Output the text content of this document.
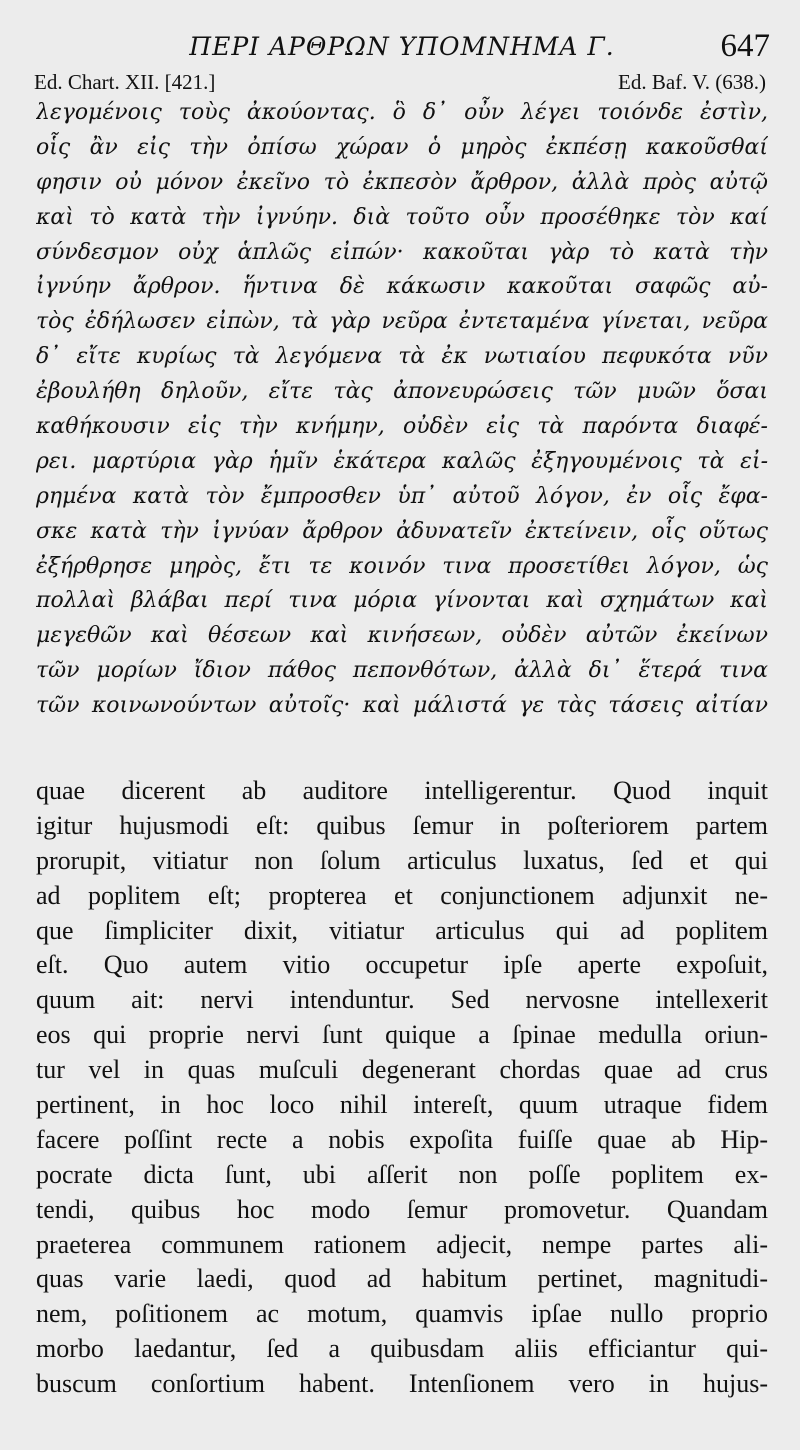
ΠΕΡΙ ΑΡΘΡΩΝ ΥΠΟΜΝΗΜΑ Γ.	647
Ed. Chart. XII. [421.]	Ed. Baf. V. (638.)
λεγομένοις τοὺς ἀκούοντας. ὃ δ᾽ οὖν λέγει τοιόνδε ἐστὶν,
οἷς ἂν εἰς τὴν ὀπίσω χώραν ὁ μηρὸς ἐκπέσῃ κακοῦσθαί
φησιν οὐ μόνον ἐκεῖνο τὸ ἐκπεσὸν ἄρθρον, ἀλλὰ πρὸς αὐτῷ
καὶ τὸ κατὰ τὴν ἰγνύην. διὰ τοῦτο οὖν προσέθηκε τὸν καί
σύνδεσμον οὐχ ἁπλῶς εἰπών· κακοῦται γὰρ τὸ κατὰ τὴν
ἰγνύην ἄρθρον. ἥντινα δὲ κάκωσιν κακοῦται σαφῶς αὐ-
τὸς ἐδήλωσεν εἰπὼν, τὰ γὰρ νεῦρα ἐντεταμένα γίνεται, νεῦρα
δ᾽ εἴτε κυρίως τὰ λεγόμενα τὰ ἐκ νωτιαίου πεφυκότα νῦν
ἐβουλήθη δηλοῦν, εἴτε τὰς ἀπονευρώσεις τῶν μυῶν ὅσαι
καθήκουσιν εἰς τὴν κνήμην, οὐδὲν εἰς τὰ παρόντα διαφέ-
ρει. μαρτύρια γὰρ ἡμῖν ἑκάτερα καλῶς ἐξηγουμένοις τὰ εἰ-
ρημένα κατὰ τὸν ἔμπροσθεν ὑπ᾽ αὐτοῦ λόγον, ἐν οἷς ἔφα-
σκε κατὰ τὴν ἰγνύαν ἄρθρον ἀδυνατεῖν ἐκτείνειν, οἷς οὕτως
ἐξήρθρησε μηρὸς, ἔτι τε κοινόν τινα προσετίθει λόγον, ὡς
πολλαὶ βλάβαι περί τινα μόρια γίνονται καὶ σχημάτων καὶ
μεγεθῶν καὶ θέσεων καὶ κινήσεων, οὐδὲν αὐτῶν ἐκείνων
τῶν μορίων ἴδιον πάθος πεπονθότων, ἀλλὰ δι᾽ ἕτερά τινα
τῶν κοινωνούντων αὐτοῖς· καὶ μάλιστά γε τὰς τάσεις αἰτίαν
quae dicerent ab auditore intelligerentur. Quod inquit
igitur hujusmodi eſt: quibus ſemur in poſteriorem partem
prorupit, vitiatur non ſolum articulus luxatus, ſed et qui
ad poplitem eſt; propterea et conjunctionem adjunxit ne-
que ſimpliciter dixit, vitiatur articulus qui ad poplitem
eſt. Quo autem vitio occupetur ipſe aperte expoſuit,
quum ait: nervi intenduntur. Sed nervosne intellexerit
eos qui proprie nervi ſunt quique a ſpinae medulla oriun-
tur vel in quas muſculi degenerant chordas quae ad crus
pertinent, in hoc loco nihil intereſt, quum utraque fidem
facere poſſint recte a nobis expoſita fuiſſe quae ab Hip-
pocrate dicta ſunt, ubi aſſerit non poſſe poplitem ex-
tendi, quibus hoc modo ſemur promovetur. Quandam
praeterea communem rationem adjecit, nempe partes ali-
quas varie laedi, quod ad habitum pertinet, magnitudi-
nem, poſitionem ac motum, quamvis ipſae nullo proprio
morbo laedantur, ſed a quibusdam aliis efficiantur qui-
buscum conſortium habent. Intenſionem vero in hujus-
